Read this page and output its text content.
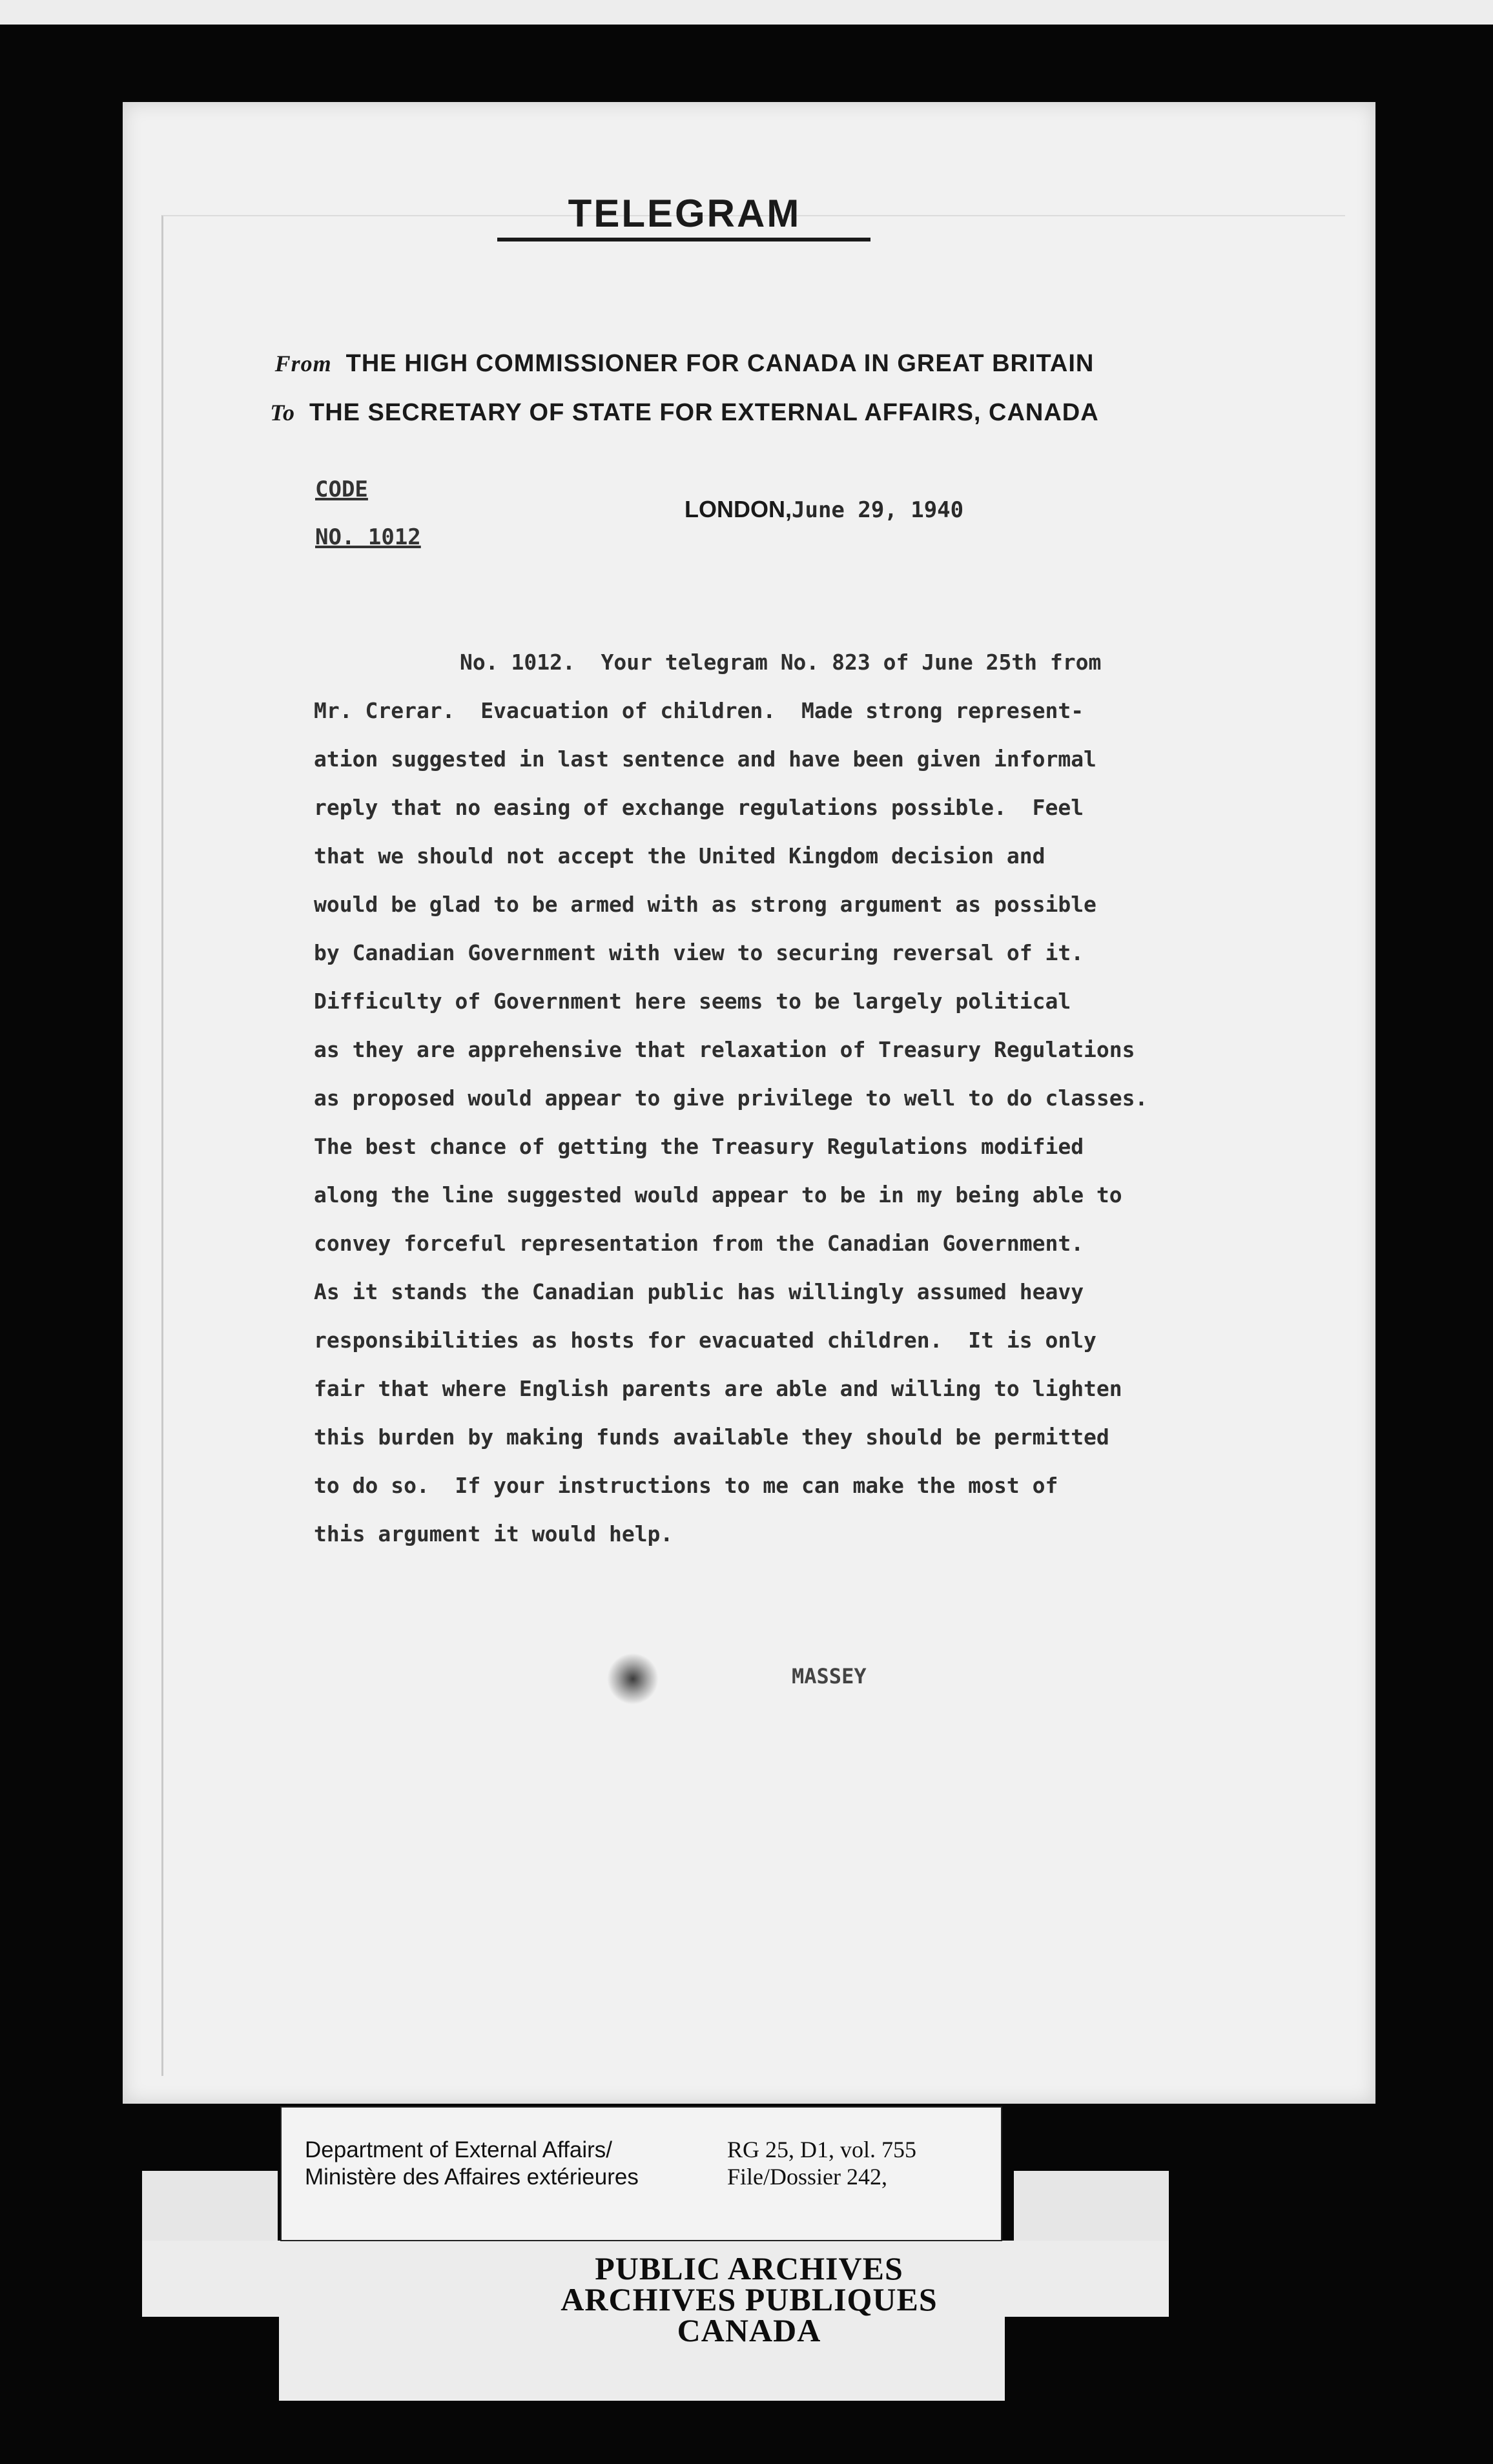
TELEGRAM
From THE HIGH COMMISSIONER FOR CANADA IN GREAT BRITAIN
To THE SECRETARY OF STATE FOR EXTERNAL AFFAIRS, CANADA
CODE
NO. 1012
LONDON,June 29, 1940
No. 1012.  Your telegram No. 823 of June 25th from
Mr. Crerar.  Evacuation of children.  Made strong represent-
ation suggested in last sentence and have been given informal
reply that no easing of exchange regulations possible.  Feel
that we should not accept the United Kingdom decision and
would be glad to be armed with as strong argument as possible
by Canadian Government with view to securing reversal of it.
Difficulty of Government here seems to be largely political
as they are apprehensive that relaxation of Treasury Regulations
as proposed would appear to give privilege to well to do classes.
The best chance of getting the Treasury Regulations modified
along the line suggested would appear to be in my being able to
convey forceful representation from the Canadian Government.
As it stands the Canadian public has willingly assumed heavy
responsibilities as hosts for evacuated children.  It is only
fair that where English parents are able and willing to lighten
this burden by making funds available they should be permitted
to do so.  If your instructions to me can make the most of
this argument it would help.
MASSEY
Department of External Affairs/
Ministère des Affaires extérieures
RG 25, D1, vol. 755
File/Dossier 242,
PUBLIC ARCHIVES
ARCHIVES PUBLIQUES
CANADA
